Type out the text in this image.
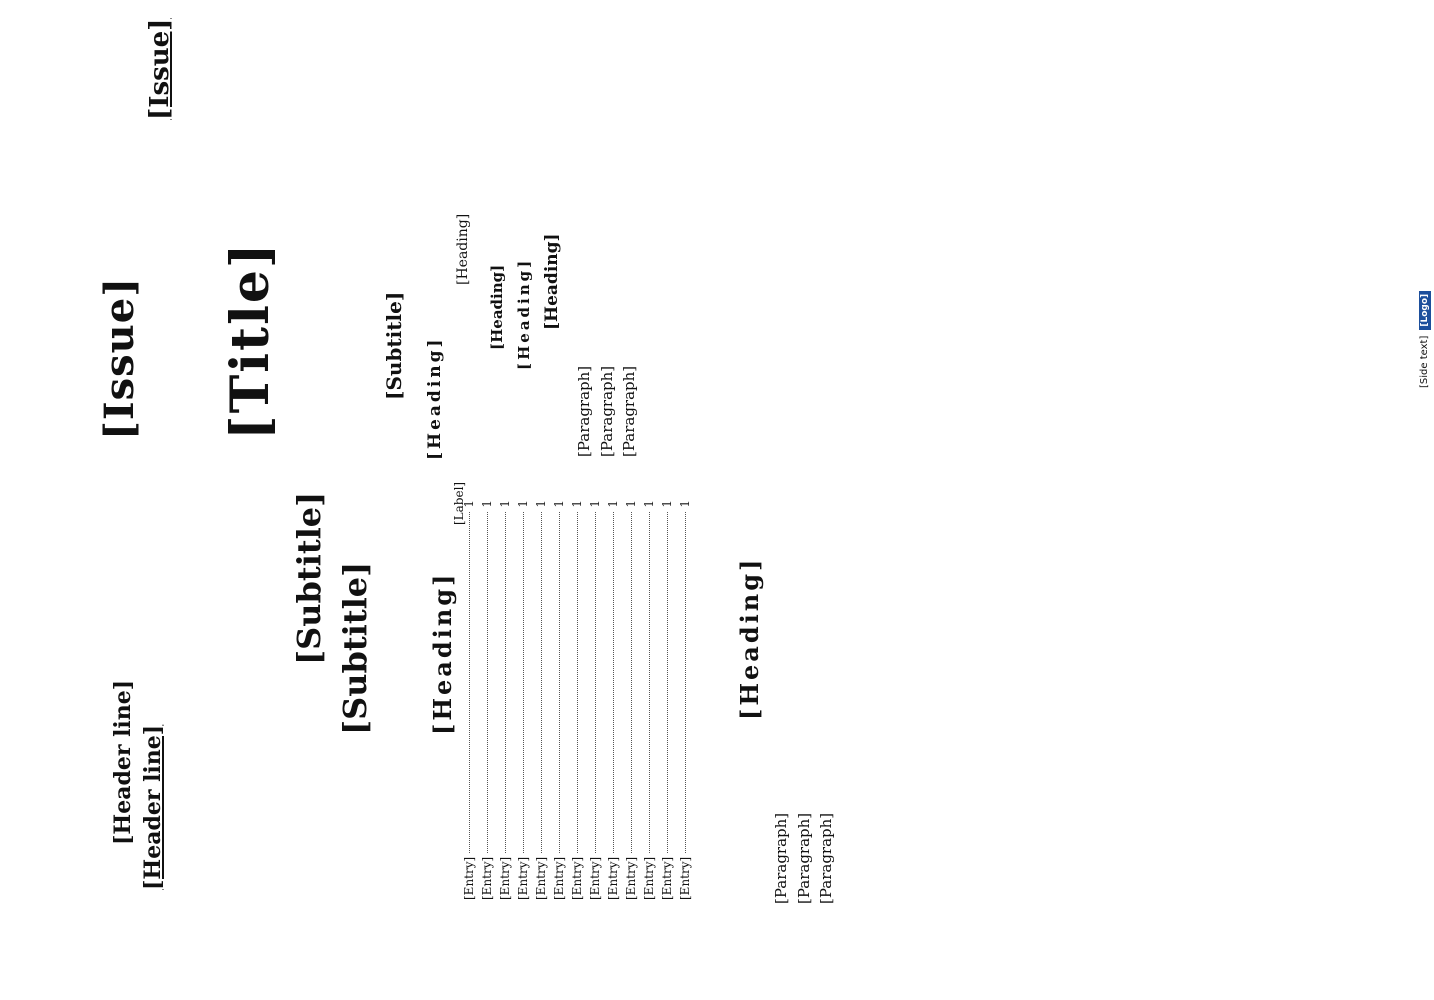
[Header line] [Header line]
[Issue]
[Issue]
[Title]
[Subtitle] [Subtitle]
[Subtitle]
[Heading]
[Label]
[Entry]
1
[Entry]
1
[Entry]
1
[Entry]
1
[Entry]
1
[Entry]
1
[Entry]
1
[Entry]
1
[Entry]
1
[Entry]
1
[Entry]
1
[Entry]
1
[Entry]
1
[Heading]

[Paragraph] [Paragraph] [Paragraph]

[Heading]
[Heading]
[Heading] [Heading] [Heading]

[Paragraph] [Paragraph] [Paragraph]

[Side text]
[Logo]
